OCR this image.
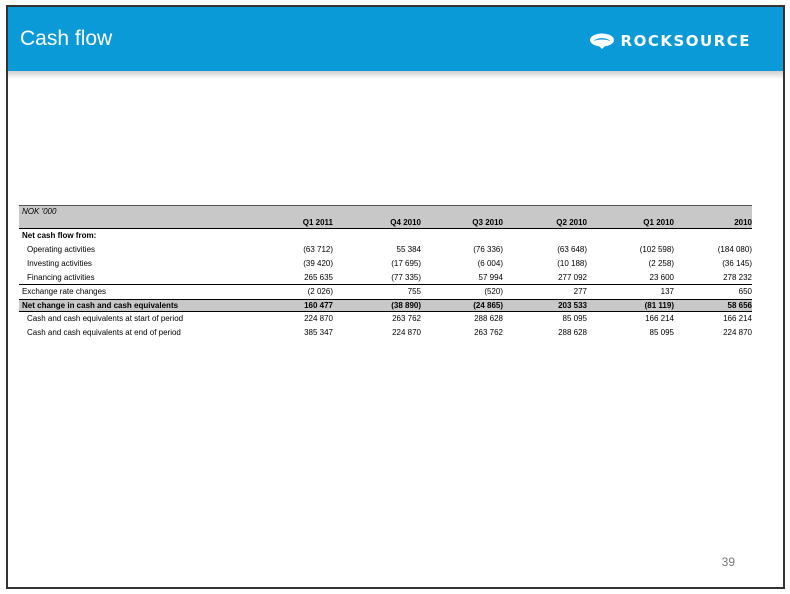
Cash flow	ROCKSOURCE
NOK '000
Q1 2011	Q4 2010	Q3 2010	Q2 2010	Q1 2010	2010
Net cash flow from:
Operating activities	(63 712)	55 384	(76 336)	(63 648)	(102 598)	(184 080)
Investing activities	(39 420)	(17 695)	(6 004)	(10 188)	(2 258)	(36 145)
Financing activities	265 635	(77 335)	57 994	277 092	23 600	278 232
Exchange rate changes	(2 026)	755	(520)	277	137	650
Net change in cash and cash equivalents	160 477	(38 890)	(24 865)	203 533	(81 119)	58 656
Cash and cash equivalents at start of period	224 870	263 762	288 628	85 095	166 214	166 214
Cash and cash equivalents at end of period	385 347	224 870	263 762	288 628	85 095	224 870
39
